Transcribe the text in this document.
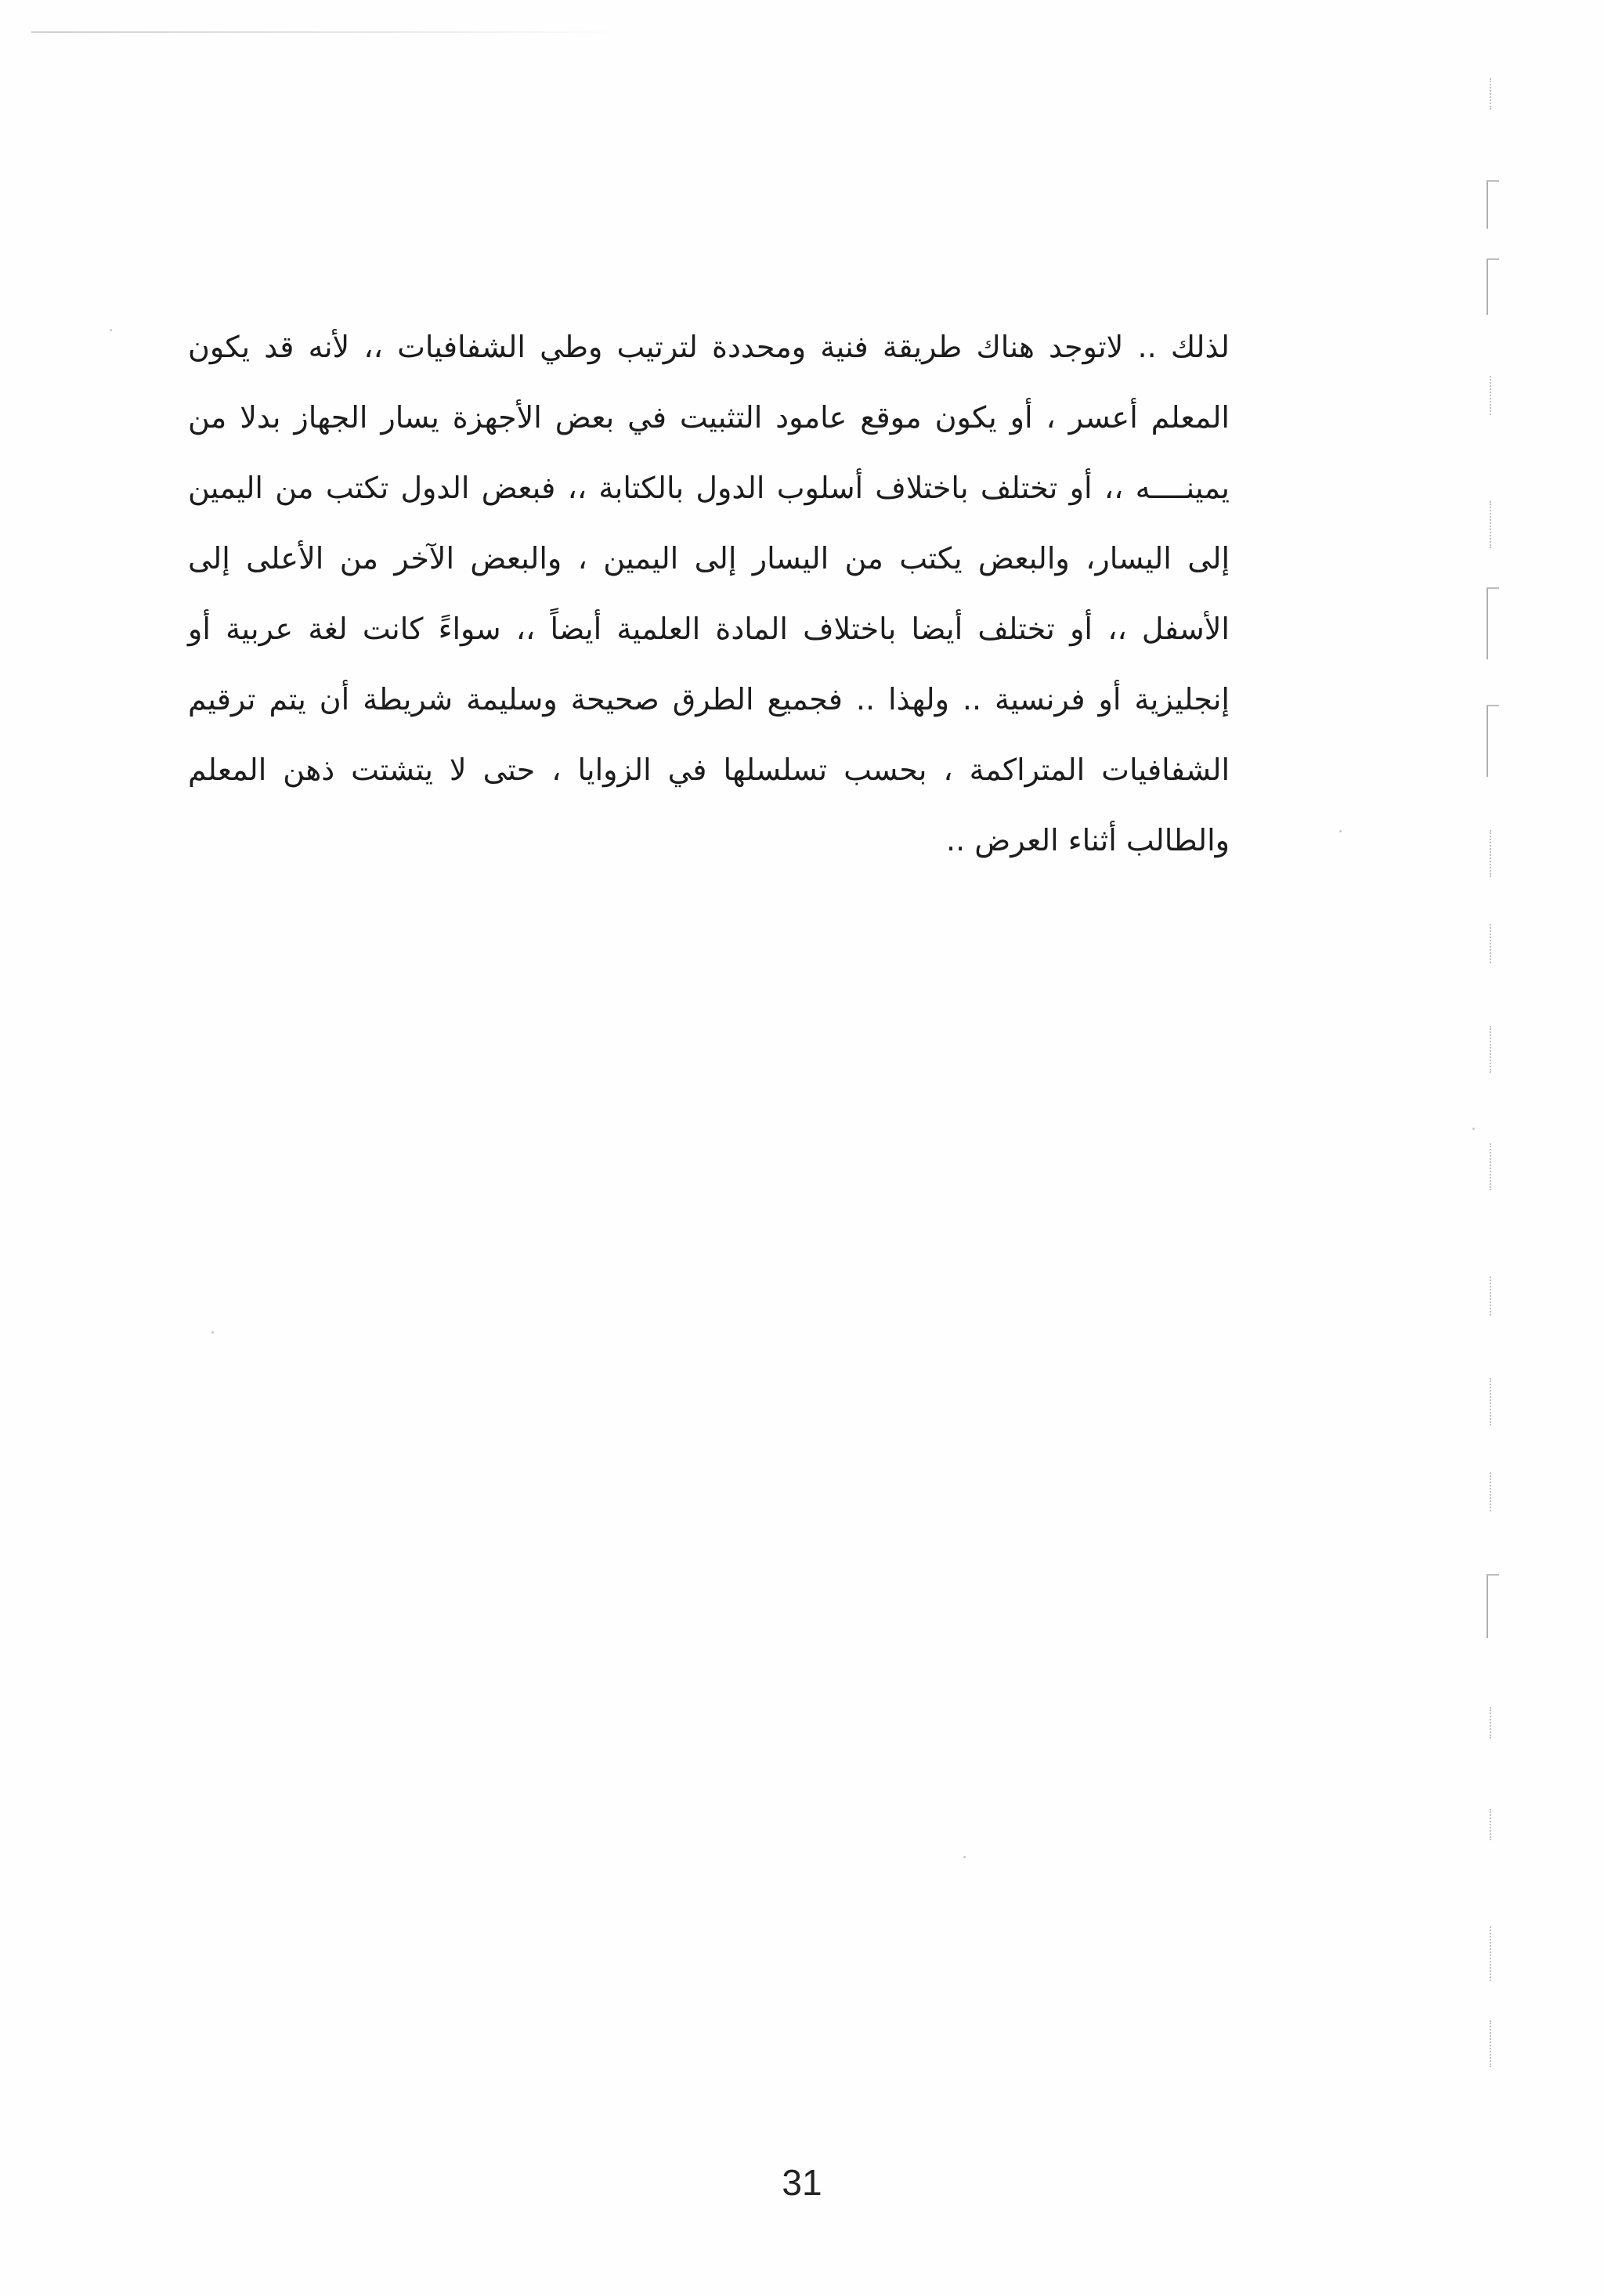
لذلك .. لاتوجد هناك طريقة فنية ومحددة لترتيب وطي الشفافيات ،، لأنه قد يكون المعلم أعسر ، أو يكون موقع عامود التثبيت في بعض الأجهزة يسار الجهاز بدلا من يمينــــه ،، أو تختلف باختلاف أسلوب الدول بالكتابة ،، فبعض الدول تكتب من اليمين إلى اليسار، والبعض يكتب من اليسار إلى اليمين ، والبعض الآخر من الأعلى إلى الأسفل ،، أو تختلف أيضا باختلاف المادة العلمية أيضاً ،، سواءً كانت لغة عربية أو إنجليزية أو فرنسية .. ولهذا .. فجميع الطرق صحيحة وسليمة شريطة أن يتم ترقيم الشفافيات المتراكمة ، بحسب تسلسلها في الزوايا ، حتى لا يتشتت ذهن المعلم والطالب أثناء العرض ..

31
